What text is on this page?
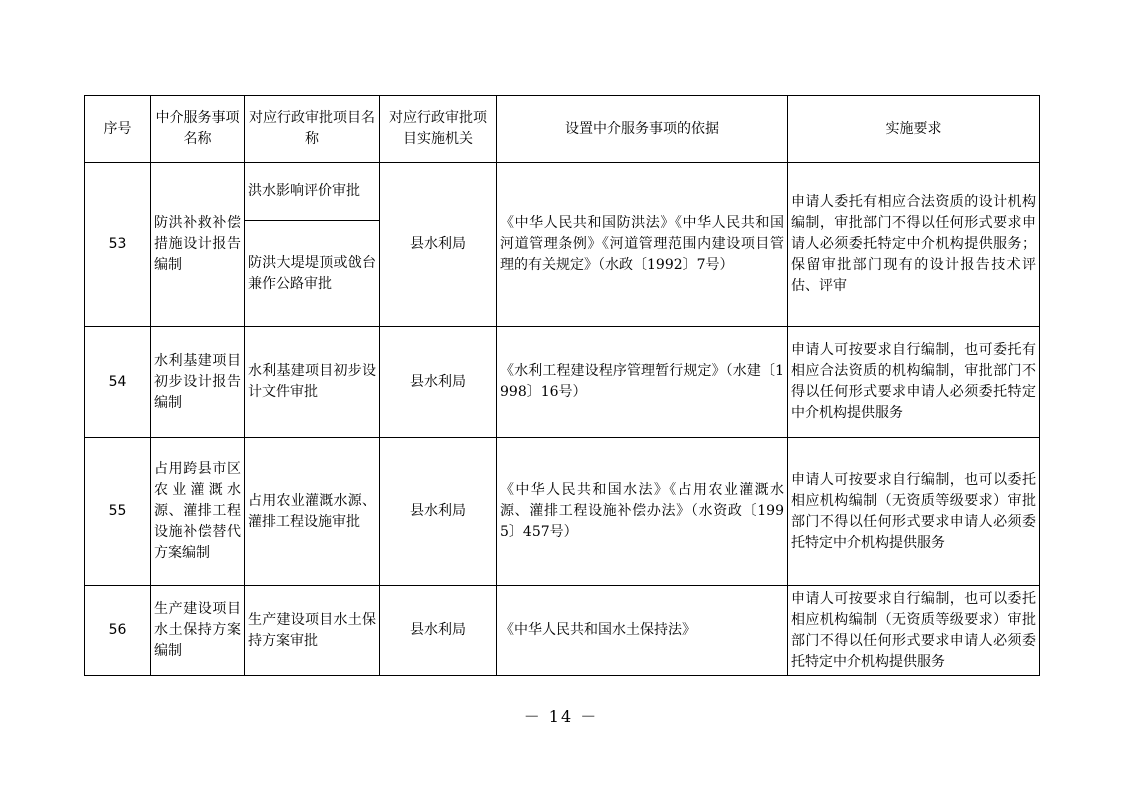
序号	中介服务事项名称	对应行政审批项目名称	对应行政审批项目实施机关	设置中介服务事项的依据	实施要求
53	防洪补救补偿措施设计报告编制	洪水影响评价审批	县水利局	《中华人民共和国防洪法》《中华人民共和国河道管理条例》《河道管理范围内建设项目管理的有关规定》（水政〔1992〕7号）	申请人委托有相应合法资质的设计机构编制，审批部门不得以任何形式要求申请人必须委托特定中介机构提供服务；保留审批部门现有的设计报告技术评估、评审
		防洪大堤堤顶或戗台兼作公路审批			
54	水利基建项目初步设计报告编制	水利基建项目初步设计文件审批	县水利局	《水利工程建设程序管理暂行规定》（水建〔1998〕16号）	申请人可按要求自行编制，也可委托有相应合法资质的机构编制，审批部门不得以任何形式要求申请人必须委托特定中介机构提供服务
55	占用跨县市区农业灌溉水源、灌排工程设施补偿替代方案编制	占用农业灌溉水源、灌排工程设施审批	县水利局	《中华人民共和国水法》《占用农业灌溉水源、灌排工程设施补偿办法》（水资政〔1995〕457号）	申请人可按要求自行编制，也可以委托相应机构编制（无资质等级要求）审批部门不得以任何形式要求申请人必须委托特定中介机构提供服务
56	生产建设项目水土保持方案编制	生产建设项目水土保持方案审批	县水利局	《中华人民共和国水土保持法》	申请人可按要求自行编制，也可以委托相应机构编制（无资质等级要求）审批部门不得以任何形式要求申请人必须委托特定中介机构提供服务
－ 14 －
